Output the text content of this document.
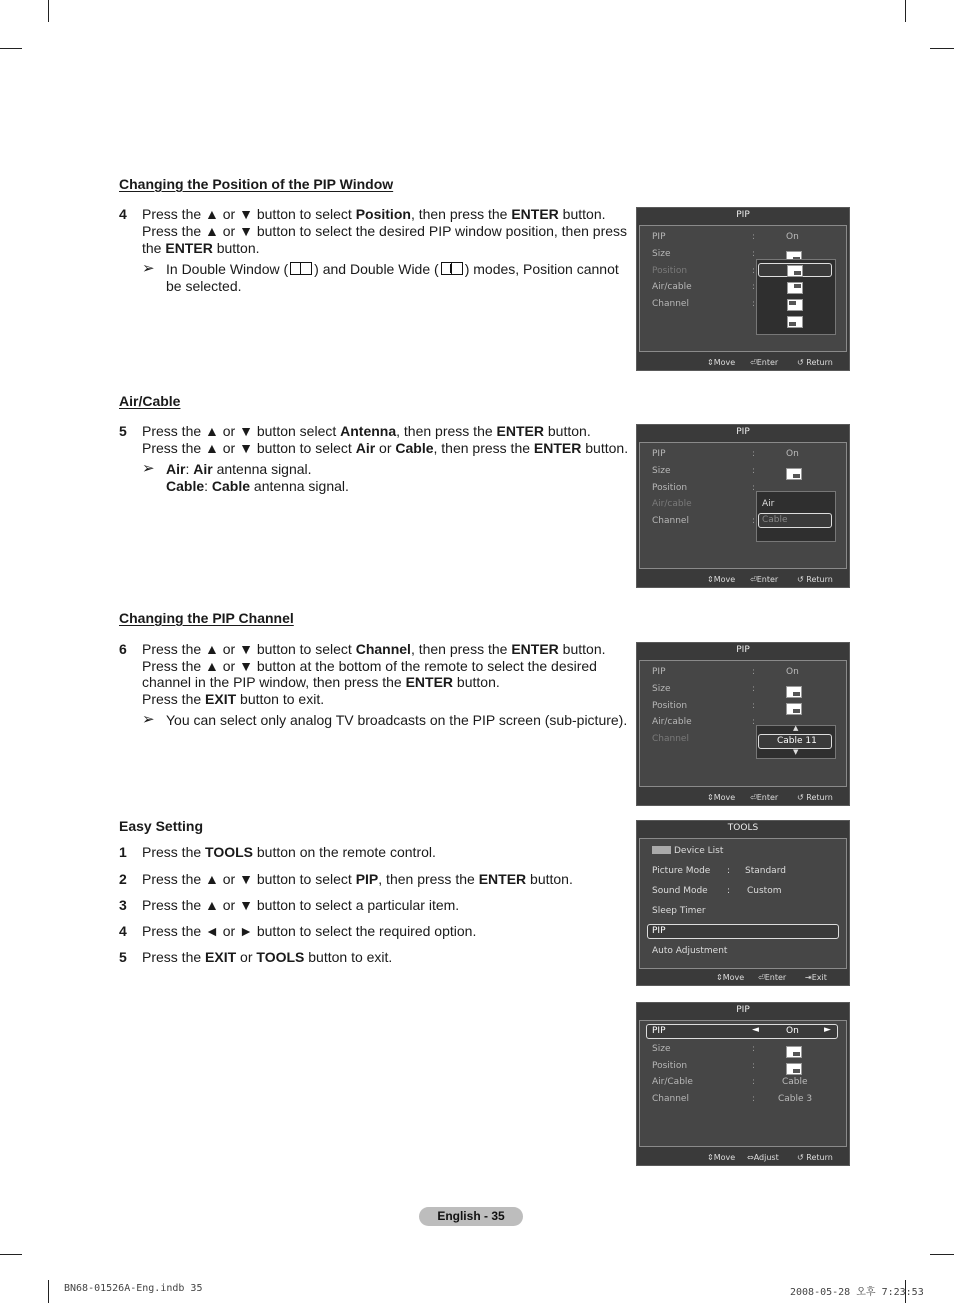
Changing the Position of the PIP Window
4 Press the ▲ or ▼ button to select Position, then press the ENTER button.
Press the ▲ or ▼ button to select the desired PIP window position, then press
the ENTER button.
➢ In Double Window ( ) and Double Wide ( ) modes, Position cannot
be selected.
Air/Cable
5 Press the ▲ or ▼ button select Antenna, then press the ENTER button.
Press the ▲ or ▼ button to select Air or Cable, then press the ENTER button.
➢ Air: Air antenna signal.
Cable: Cable antenna signal.
Changing the PIP Channel
6 Press the ▲ or ▼ button to select Channel, then press the ENTER button.
Press the ▲ or ▼ button at the bottom of the remote to select the desired
channel in the PIP window, then press the ENTER button.
Press the EXIT button to exit.
➢ You can select only analog TV broadcasts on the PIP screen (sub-picture).
Easy Setting
1 Press the TOOLS button on the remote control.
2 Press the ▲ or ▼ button to select PIP, then press the ENTER button.
3 Press the ▲ or ▼ button to select a particular item.
4 Press the ◄ or ► button to select the required option.
5 Press the EXIT or TOOLS button to exit.
PIP
PIP
Size
Position
Air/cable
Channel
:
:
:
:
:
On
⇕Move ⏎Enter ↺ Return
PIP
PIP
Size
Position
Air/cable
Channel
:
:
:
:
On
Air
Cable
⇕Move ⏎Enter ↺ Return
PIP
PIP
Size
Position
Air/cable
Channel
:
:
:
:
On
▲
Cable 11
▼
⇕Move ⏎Enter ↺ Return
TOOLS
Device List
Picture Mode : Standard
Sound Mode : Custom
Sleep Timer
PIP
Auto Adjustment
⇕Move ⏎Enter ⇥Exit
PIP
PIP
Size
Position
Air/Cable
Channel
◄	On	►
:
:
:
:
Cable
Cable 3
⇕Move ⇔Adjust ↺ Return
English - 35
BN68-01526A-Eng.indb 35	2008-05-28 오후 7:23:53
